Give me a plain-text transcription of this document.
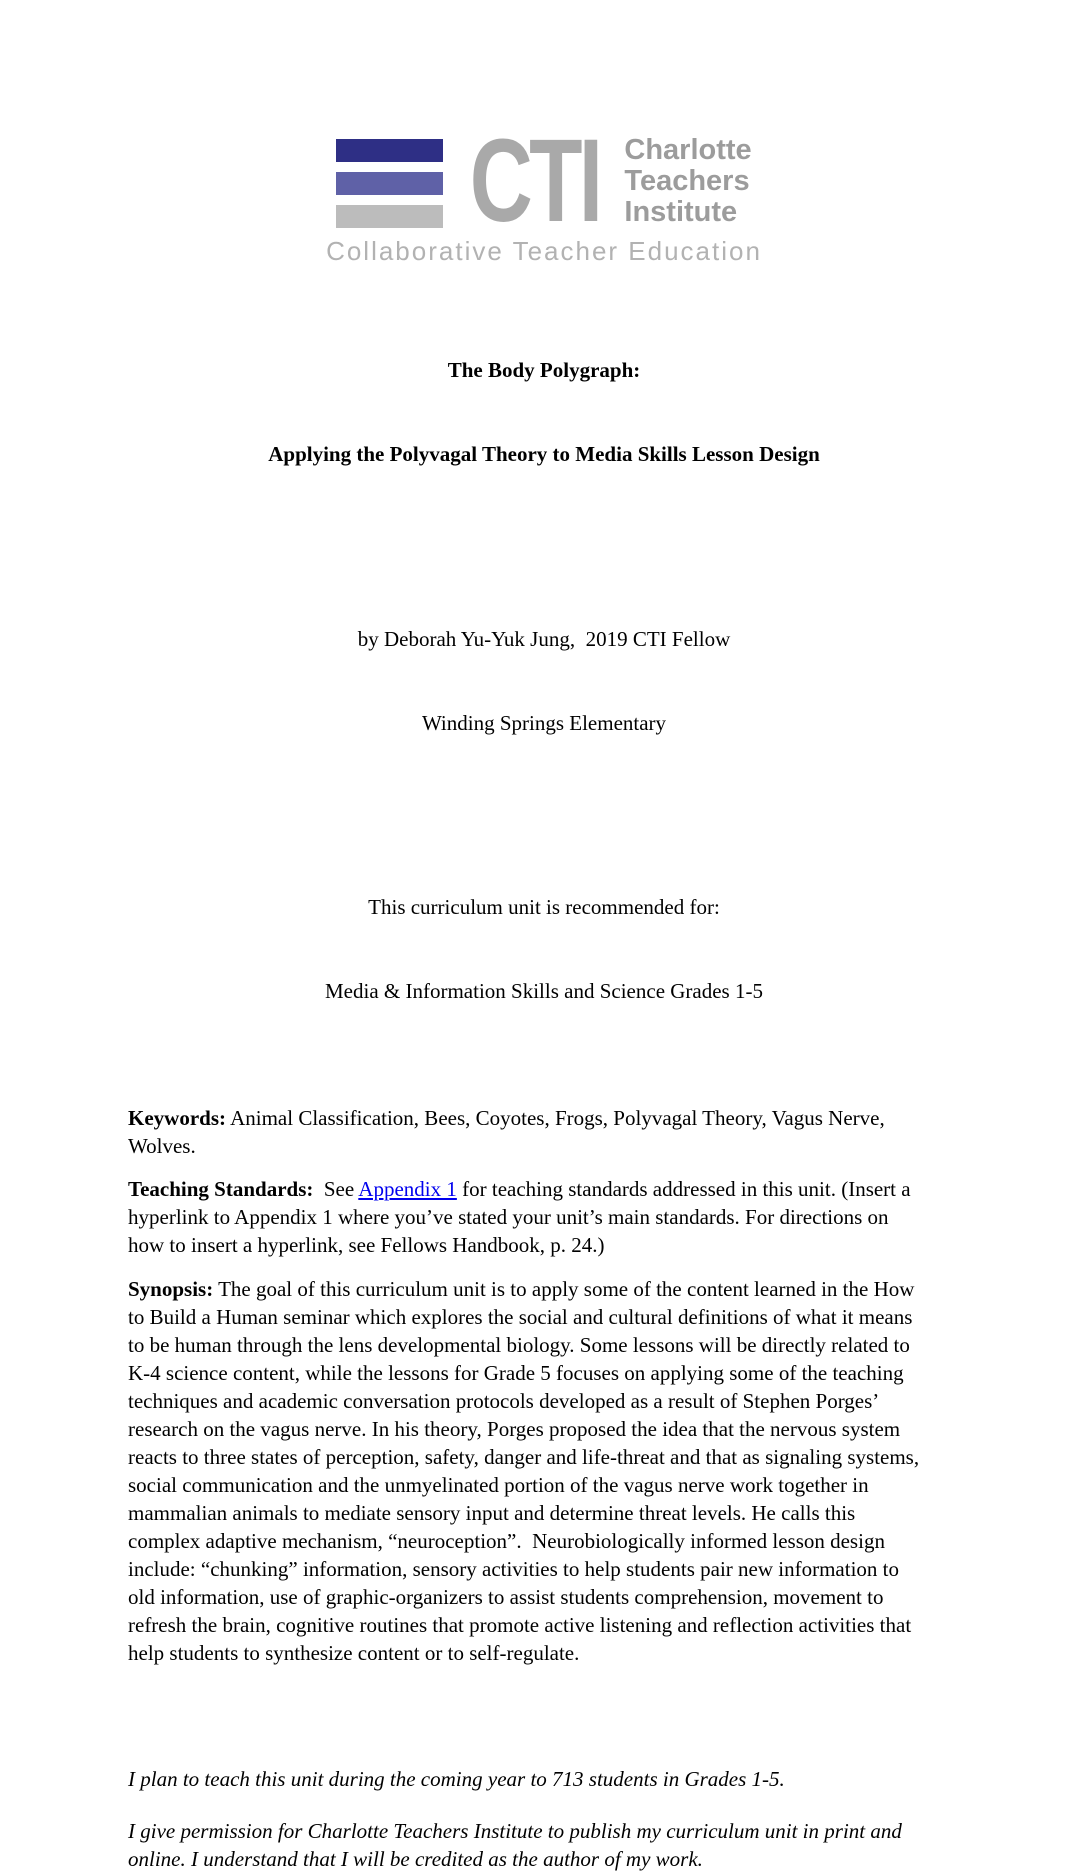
CTI Charlotte
Teachers
Institute
Collaborative Teacher Education

The Body Polygraph:

Applying the Polyvagal Theory to Media Skills Lesson Design

by Deborah Yu-Yuk Jung,  2019 CTI Fellow

Winding Springs Elementary

This curriculum unit is recommended for:

Media & Information Skills and Science Grades 1-5

Keywords: Animal Classification, Bees, Coyotes, Frogs, Polyvagal Theory, Vagus Nerve, Wolves.

Teaching Standards:  See Appendix 1 for teaching standards addressed in this unit. (Insert a hyperlink to Appendix 1 where you’ve stated your unit’s main standards. For directions on how to insert a hyperlink, see Fellows Handbook, p. 24.)

Synopsis: The goal of this curriculum unit is to apply some of the content learned in the How to Build a Human seminar which explores the social and cultural definitions of what it means to be human through the lens developmental biology. Some lessons will be directly related to K-4 science content, while the lessons for Grade 5 focuses on applying some of the teaching techniques and academic conversation protocols developed as a result of Stephen Porges’ research on the vagus nerve. In his theory, Porges proposed the idea that the nervous system reacts to three states of perception, safety, danger and life-threat and that as signaling systems, social communication and the unmyelinated portion of the vagus nerve work together in mammalian animals to mediate sensory input and determine threat levels. He calls this complex adaptive mechanism, “neuroception”.  Neurobiologically informed lesson design include: “chunking” information, sensory activities to help students pair new information to old information, use of graphic-organizers to assist students comprehension, movement to refresh the brain, cognitive routines that promote active listening and reflection activities that help students to synthesize content or to self-regulate.

I plan to teach this unit during the coming year to 713 students in Grades 1-5.

I give permission for Charlotte Teachers Institute to publish my curriculum unit in print and online. I understand that I will be credited as the author of my work.
